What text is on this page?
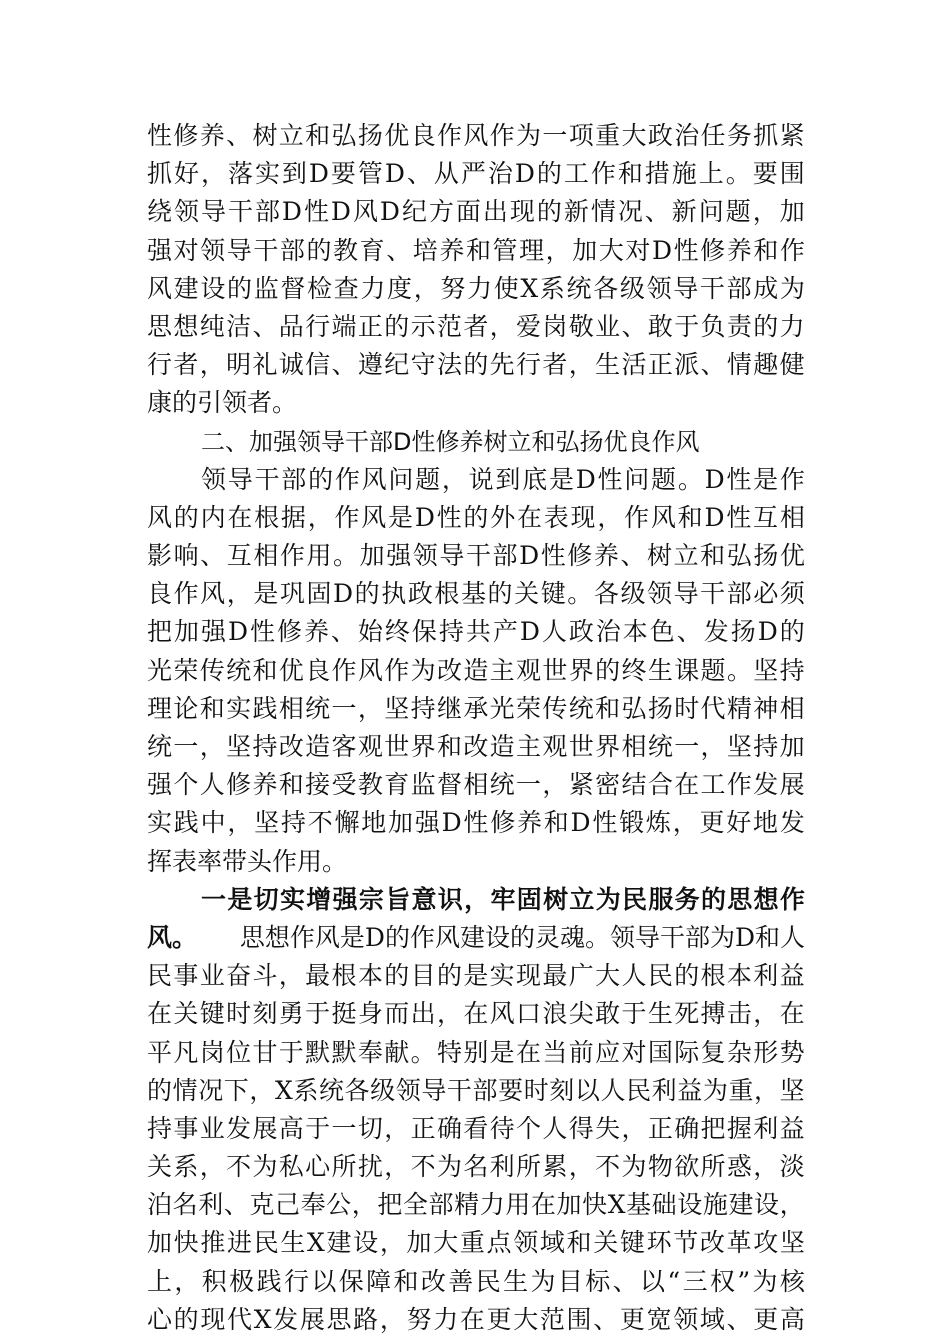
性 修 养 、 树 立 和 弘 扬 优 良 作 风 作 为 一 项 重 大 政 治 任 务 抓 紧
抓 好 ， 落 实 到 D 要 管 D 、 从 严 治 D 的 工 作 和 措 施 上 。 要 围
绕 领 导 干 部 D 性 D 风 D 纪 方 面 出 现 的 新 情 况 、 新 问 题 ， 加
强 对 领 导 干 部 的 教 育 、 培 养 和 管 理 ， 加 大 对 D 性 修 养 和 作
风 建 设 的 监 督 检 查 力 度 ， 努 力 使 X 系 统 各 级 领 导 干 部 成 为
思 想 纯 洁 、 品 行 端 正 的 示 范 者 ， 爱 岗 敬 业 、 敢 于 负 责 的 力
行 者 ， 明 礼 诚 信 、 遵 纪 守 法 的 先 行 者 ， 生 活 正 派 、 情 趣 健
康的引领者。
二、加强领导干部D性修养树立和弘扬优良作风
领 导 干 部 的 作 风 问 题 ， 说 到 底 是 D 性 问 题 。 D 性 是 作
风 的 内 在 根 据 ， 作 风 是 D 性 的 外 在 表 现 ， 作 风 和 D 性 互 相
影 响 、 互 相 作 用 。 加 强 领 导 干 部 D 性 修 养 、 树 立 和 弘 扬 优
良 作 风 ， 是 巩 固 D 的 执 政 根 基 的 关 键 。 各 级 领 导 干 部 必 须
把 加 强 D 性 修 养 、 始 终 保 持 共 产 D 人 政 治 本 色 、 发 扬 D 的
光 荣 传 统 和 优 良 作 风 作 为 改 造 主 观 世 界 的 终 生 课 题 。 坚 持
理 论 和 实 践 相 统 一 ， 坚 持 继 承 光 荣 传 统 和 弘 扬 时 代 精 神 相
统 一 ， 坚 持 改 造 客 观 世 界 和 改 造 主 观 世 界 相 统 一 ， 坚 持 加
强 个 人 修 养 和 接 受 教 育 监 督 相 统 一 ， 紧 密 结 合 在 工 作 发 展
实 践 中 ， 坚 持 不 懈 地 加 强 D 性 修 养 和 D 性 锻 炼 ， 更 好 地 发
挥表率带头作用。
一 是 切 实 增 强 宗 旨 意 识 ， 牢 固 树 立 为 民 服 务 的 思 想 作
风。 思想作风是D的作风建设的灵魂。领导干部为D和人
民 事 业 奋 斗 ， 最 根 本 的 目 的 是 实 现 最 广 大 人 民 的 根 本 利 益
在 关 键 时 刻 勇 于 挺 身 而 出 ， 在 风 口 浪 尖 敢 于 生 死 搏 击 ， 在
平 凡 岗 位 甘 于 默 默 奉 献 。 特 别 是 在 当 前 应 对 国 际 复 杂 形 势
的 情 况 下 ， X 系 统 各 级 领 导 干 部 要 时 刻 以 人 民 利 益 为 重 ， 坚
持 事 业 发 展 高 于 一 切 ， 正 确 看 待 个 人 得 失 ， 正 确 把 握 利 益
关 系 ， 不 为 私 心 所 扰 ， 不 为 名 利 所 累 ， 不 为 物 欲 所 惑 ， 淡
泊 名 利 、 克 己 奉 公 ， 把 全 部 精 力 用 在 加 快 X 基 础 设 施 建 设 ，
加 快 推 进 民 生 X 建 设 ， 加 大 重 点 领 域 和 关 键 环 节 改 革 攻 坚
上 ， 积 极 践 行 以 保 障 和 改 善 民 生 为 目 标 、 以 “ 三 权 ” 为 核
心 的 现 代 X 发 展 思 路 ， 努 力 在 更 大 范 围 、 更 宽 领 域 、 更 高
